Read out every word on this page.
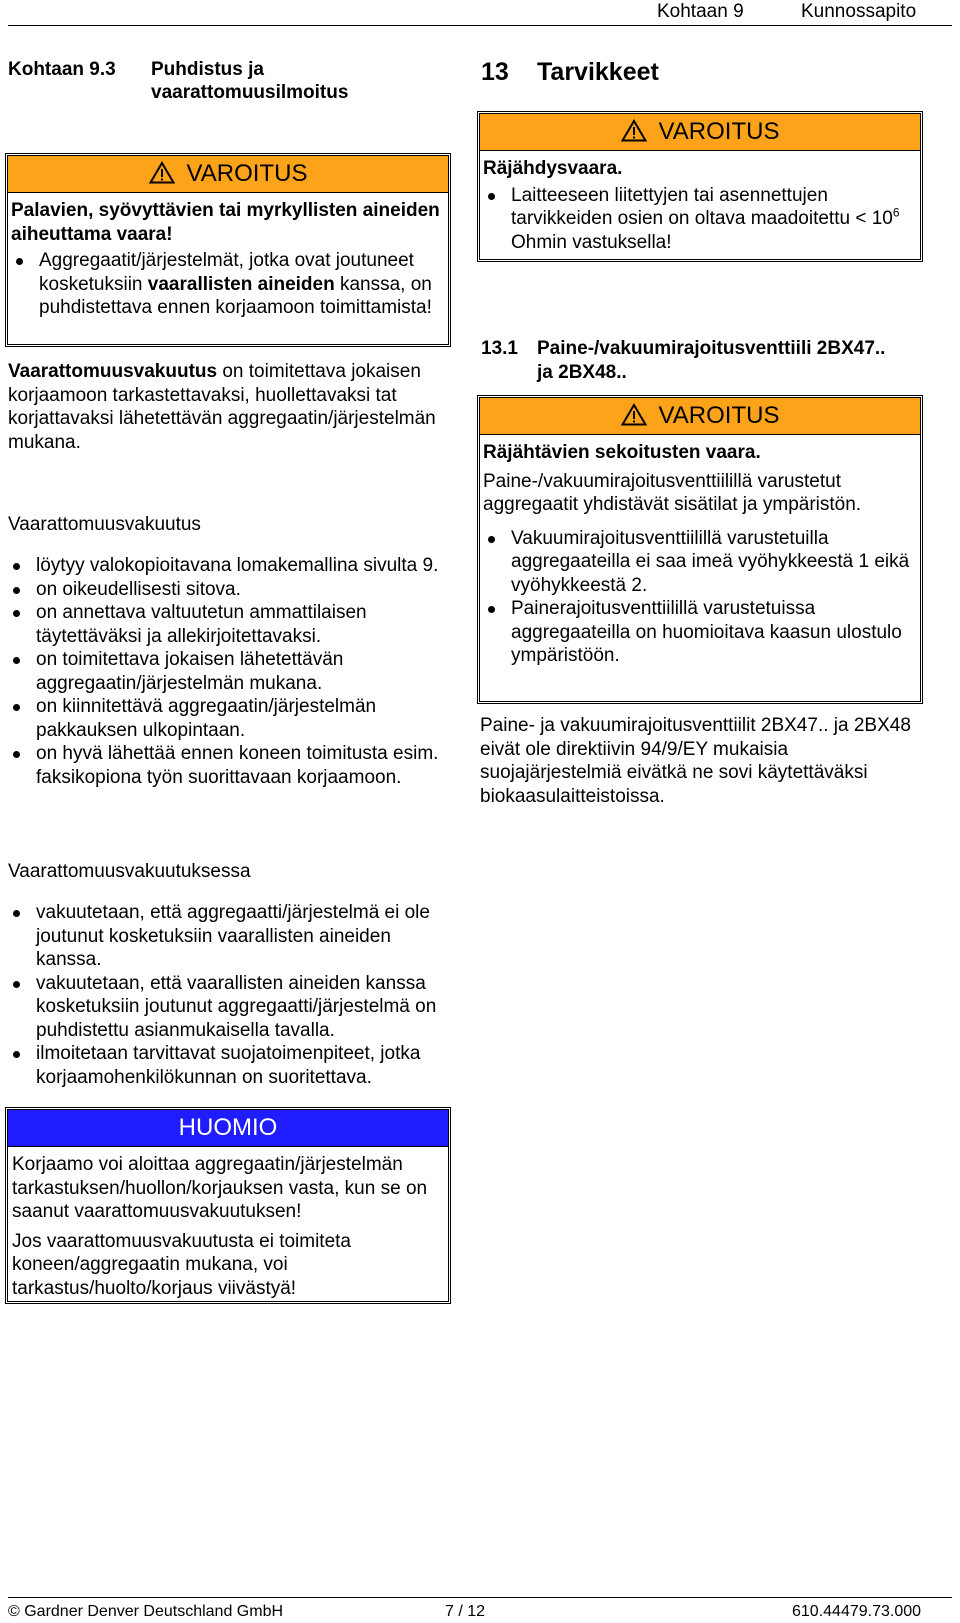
Kohtaan 9	Kunnossapito
Kohtaan 9.3 Puhdistus ja
vaarattomuusilmoitus
VAROITUS

Palavien, syövyttävien tai myrkyllisten aineiden aiheuttama vaara!

Aggregaatit/järjestelmät, jotka ovat joutuneet kosketuksiin vaarallisten aineiden kanssa, on puhdistettava ennen korjaamoon toimittamista!

Vaarattomuusvakuutus on toimitettava jokaisen korjaamoon tarkastettavaksi, huollettavaksi tat korjattavaksi lähetettävän aggregaatin/järjestelmän mukana.

Vaarattomuusvakuutus

löytyy valokopioitavana lomakemallina sivulta 9.
on oikeudellisesti sitova.
on annettava valtuutetun ammattilaisen täytettäväksi ja allekirjoitettavaksi.
on toimitettava jokaisen lähetettävän aggregaatin/järjestelmän mukana.
on kiinnitettävä aggregaatin/järjestelmän pakkauksen ulkopintaan.
on hyvä lähettää ennen koneen toimitusta esim. faksikopiona työn suorittavaan korjaamoon.

Vaarattomuusvakuutuksessa

vakuutetaan, että aggregaatti/järjestelmä ei ole joutunut kosketuksiin vaarallisten aineiden kanssa.
vakuutetaan, että vaarallisten aineiden kanssa kosketuksiin joutunut aggregaatti/järjestelmä on puhdistettu asianmukaisella tavalla.
ilmoitetaan tarvittavat suojatoimenpiteet, jotka korjaamohenkilökunnan on suoritettava.
HUOMIO

Korjaamo voi aloittaa aggregaatin/järjestelmän tarkastuksen/huollon/korjauksen vasta, kun se on saanut vaarattomuusvakuutuksen!

Jos vaarattomuusvakuutusta ei toimiteta koneen/aggregaatin mukana, voi tarkastus/huolto/korjaus viivästyä!

13 Tarvikkeet
VAROITUS

Räjähdysvaara.

Laitteeseen liitettyjen tai asennettujen tarvikkeiden osien on oltava maadoitettu < $10^6$ Ohmin vastuksella!
13.1 Paine-/vakuumirajoitusventtiili 2BX47..
ja 2BX48..
VAROITUS

Räjähtävien sekoitusten vaara.

Paine-/vakuumirajoitusventtiilillä varustetut aggregaatit yhdistävät sisätilat ja ympäristön.

Vakuumirajoitusventtiilillä varustetuilla aggregaateilla ei saa imeä vyöhykkeestä 1 eikä vyöhykkeestä 2.
Painerajoitusventtiilillä varustetuissa aggregaateilla on huomioitava kaasun ulostulo ympäristöön.

Paine- ja vakuumirajoitusventtiilit 2BX47.. ja 2BX48 eivät ole direktiivin 94/9/EY mukaisia suojajärjestelmiä eivätkä ne sovi käytettäväksi biokaasulaitteistoissa.

© Gardner Denver Deutschland GmbH	7 / 12	610.44479.73.000
